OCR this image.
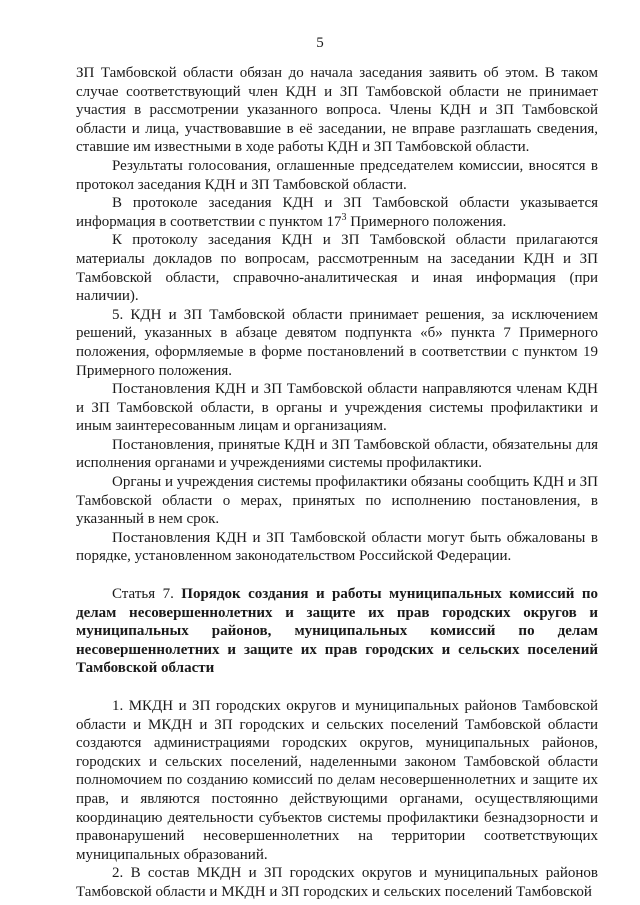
5

ЗП Тамбовской области обязан до начала заседания заявить об этом. В таком случае соответствующий член КДН и ЗП Тамбовской области не принимает участия в рассмотрении указанного вопроса. Члены КДН и ЗП Тамбовской области и лица, участвовавшие в её заседании, не вправе разглашать сведения, ставшие им известными в ходе работы КДН и ЗП Тамбовской области.

Результаты голосования, оглашенные председателем комиссии, вносятся в протокол заседания КДН и ЗП Тамбовской области.

В протоколе заседания КДН и ЗП Тамбовской области указывается информация в соответствии с пунктом $17^3$ Примерного положения.

К протоколу заседания КДН и ЗП Тамбовской области прилагаются материалы докладов по вопросам, рассмотренным на заседании КДН и ЗП Тамбовской области, справочно-аналитическая и иная информация (при наличии).

5. КДН и ЗП Тамбовской области принимает решения, за исключением решений, указанных в абзаце девятом подпункта «б» пункта 7 Примерного положения, оформляемые в форме постановлений в соответствии с пунктом 19 Примерного положения.

Постановления КДН и ЗП Тамбовской области направляются членам КДН и ЗП Тамбовской области, в органы и учреждения системы профилактики и иным заинтересованным лицам и организациям.

Постановления, принятые КДН и ЗП Тамбовской области, обязательны для исполнения органами и учреждениями системы профилактики.

Органы и учреждения системы профилактики обязаны сообщить КДН и ЗП Тамбовской области о мерах, принятых по исполнению постановления, в указанный в нем срок.

Постановления КДН и ЗП Тамбовской области могут быть обжалованы в порядке, установленном законодательством Российской Федерации.

Статья 7. Порядок создания и работы муниципальных комиссий по делам несовершеннолетних и защите их прав городских округов и муниципальных районов, муниципальных комиссий по делам несовершеннолетних и защите их прав городских и сельских поселений Тамбовской области

1. МКДН и ЗП городских округов и муниципальных районов Тамбовской области и МКДН и ЗП городских и сельских поселений Тамбовской области создаются администрациями городских округов, муниципальных районов, городских и сельских поселений, наделенными законом Тамбовской области полномочием по созданию комиссий по делам несовершеннолетних и защите их прав, и являются постоянно действующими органами, осуществляющими координацию деятельности субъектов системы профилактики безнадзорности и правонарушений несовершеннолетних на территории соответствующих муниципальных образований.

2. В состав МКДН и ЗП городских округов и муниципальных районов Тамбовской области и МКДН и ЗП городских и сельских поселений Тамбовской
